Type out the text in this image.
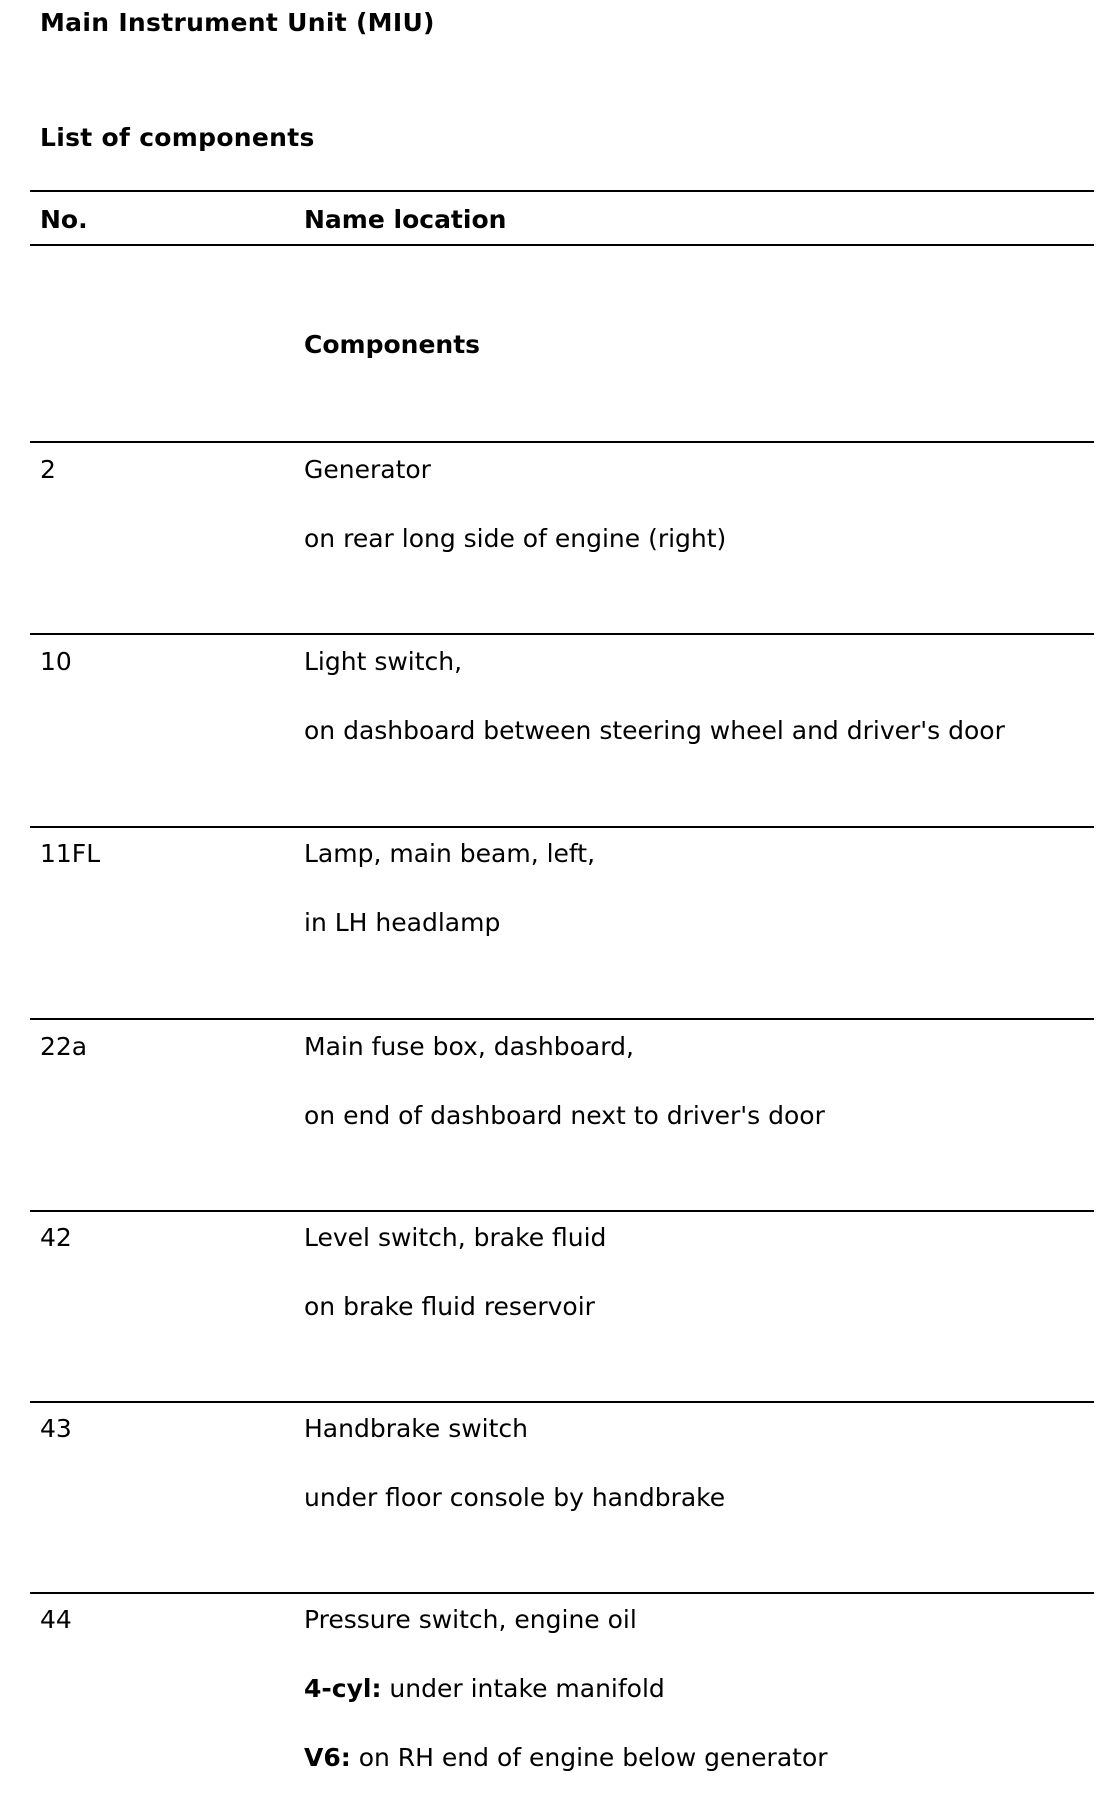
Main Instrument Unit (MIU)
List of components
No.	Name location
Components
2	Generator
on rear long side of engine (right)
10	Light switch,
on dashboard between steering wheel and driver's door
11FL	Lamp, main beam, left,
in LH headlamp
22a	Main fuse box, dashboard,
on end of dashboard next to driver's door
42	Level switch, brake fluid
on brake fluid reservoir
43	Handbrake switch
under floor console by handbrake
44	Pressure switch, engine oil
4-cyl: under intake manifold
V6: on RH end of engine below generator
